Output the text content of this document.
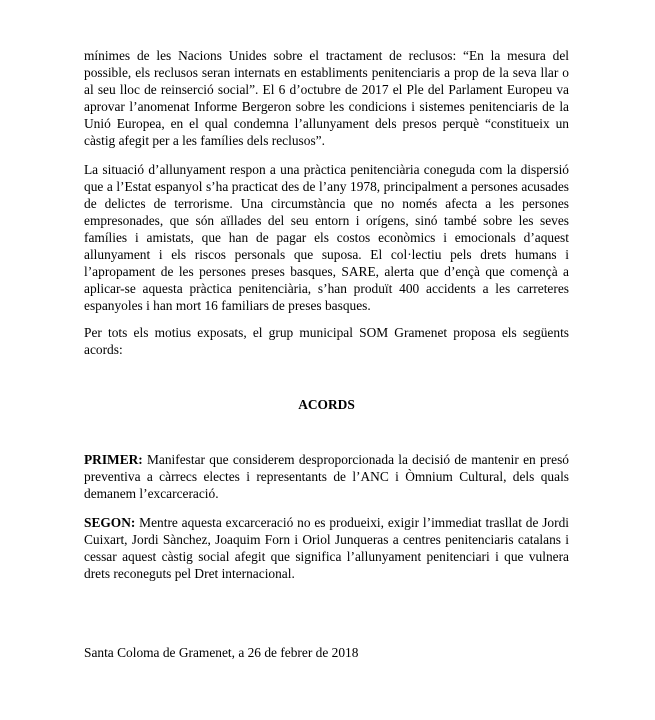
mínimes de les Nacions Unides sobre el tractament de reclusos: “En la mesura del possible, els reclusos seran internats en establiments penitenciaris a prop de la seva llar o al seu lloc de reinserció social”. El 6 d’octubre de 2017 el Ple del Parlament Europeu va aprovar l’anomenat Informe Bergeron sobre les condicions i sistemes penitenciaris de la Unió Europea, en el qual condemna l’allunyament dels presos perquè “constitueix un càstig afegit per a les famílies dels reclusos”.

La situació d’allunyament respon a una pràctica penitenciària coneguda com la dispersió que a l’Estat espanyol s’ha practicat des de l’any 1978, principalment a persones acusades de delictes de terrorisme. Una circumstància que no només afecta a les persones empresonades, que són aïllades del seu entorn i orígens, sinó també sobre les seves famílies i amistats, que han de pagar els costos econòmics i emocionals d’aquest allunyament i els riscos personals que suposa. El col·lectiu pels drets humans i l’apropament de les persones preses basques, SARE, alerta que d’ençà que començà a aplicar-se aquesta pràctica penitenciària, s’han produït 400 accidents a les carreteres espanyoles i han mort 16 familiars de preses basques.

Per tots els motius exposats, el grup municipal SOM Gramenet proposa els següents acords:

ACORDS

PRIMER: Manifestar que considerem desproporcionada la decisió de mantenir en presó preventiva a càrrecs electes i representants de l’ANC i Òmnium Cultural, dels quals demanem l’excarceració.

SEGON: Mentre aquesta excarceració no es produeixi, exigir l’immediat trasllat de Jordi Cuixart, Jordi Sànchez, Joaquim Forn i Oriol Junqueras a centres penitenciaris catalans i cessar aquest càstig social afegit que significa l’allunyament penitenciari i que vulnera drets reconeguts pel Dret internacional.

Santa Coloma de Gramenet, a 26 de febrer de 2018
